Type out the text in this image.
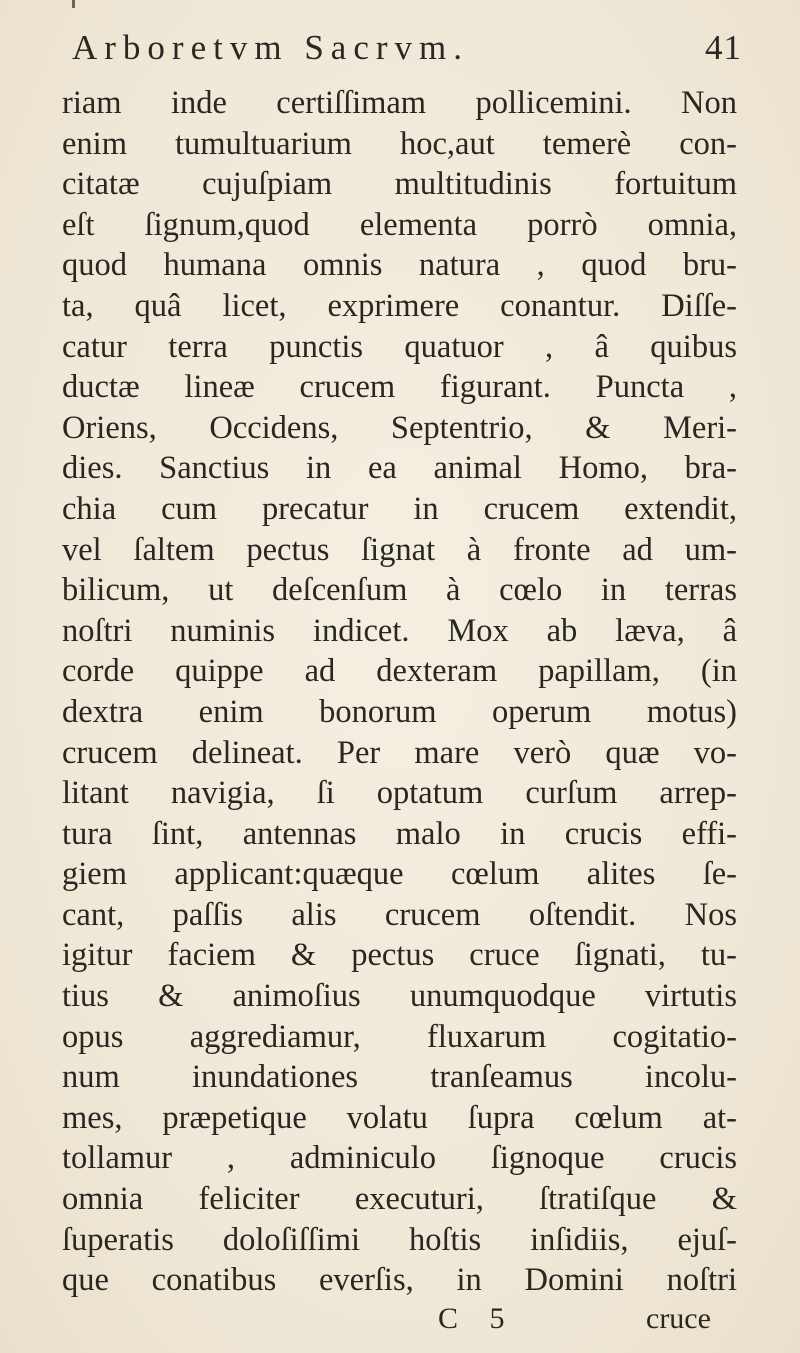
Arboretvm Sacrvm.	41
riam inde certiſſimam pollicemini. Non
enim tumultuarium hoc,aut temerè con-
citatæ cujuſpiam multitudinis fortuitum
eſt ſignum,quod elementa porrò omnia,
quod humana omnis natura , quod bru-
ta, quâ licet, exprimere conantur. Diſſe-
catur terra punctis quatuor , â quibus
ductæ lineæ crucem figurant. Puncta ,
Oriens, Occidens, Septentrio, & Meri-
dies. Sanctius in ea animal Homo, bra-
chia cum precatur in crucem extendit,
vel ſaltem pectus ſignat à fronte ad um-
bilicum, ut deſcenſum à cœlo in terras
noſtri numinis indicet. Mox ab læva, â
corde quippe ad dexteram papillam, (in
dextra enim bonorum operum motus)
crucem delineat. Per mare verò quæ vo-
litant navigia, ſi optatum curſum arrep-
tura ſint, antennas malo in crucis effi-
giem applicant:quæque cœlum alites ſe-
cant, paſſis alis crucem oſtendit. Nos
igitur faciem & pectus cruce ſignati, tu-
tius & animoſius unumquodque virtutis
opus aggrediamur, fluxarum cogitatio-
num inundationes tranſeamus incolu-
mes, præpetique volatu ſupra cœlum at-
tollamur , adminiculo ſignoque crucis
omnia feliciter executuri, ſtratiſque &
ſuperatis doloſiſſimi hoſtis inſidiis, ejuſ-
que conatibus everſis, in Domini noſtri
C 5	cruce
